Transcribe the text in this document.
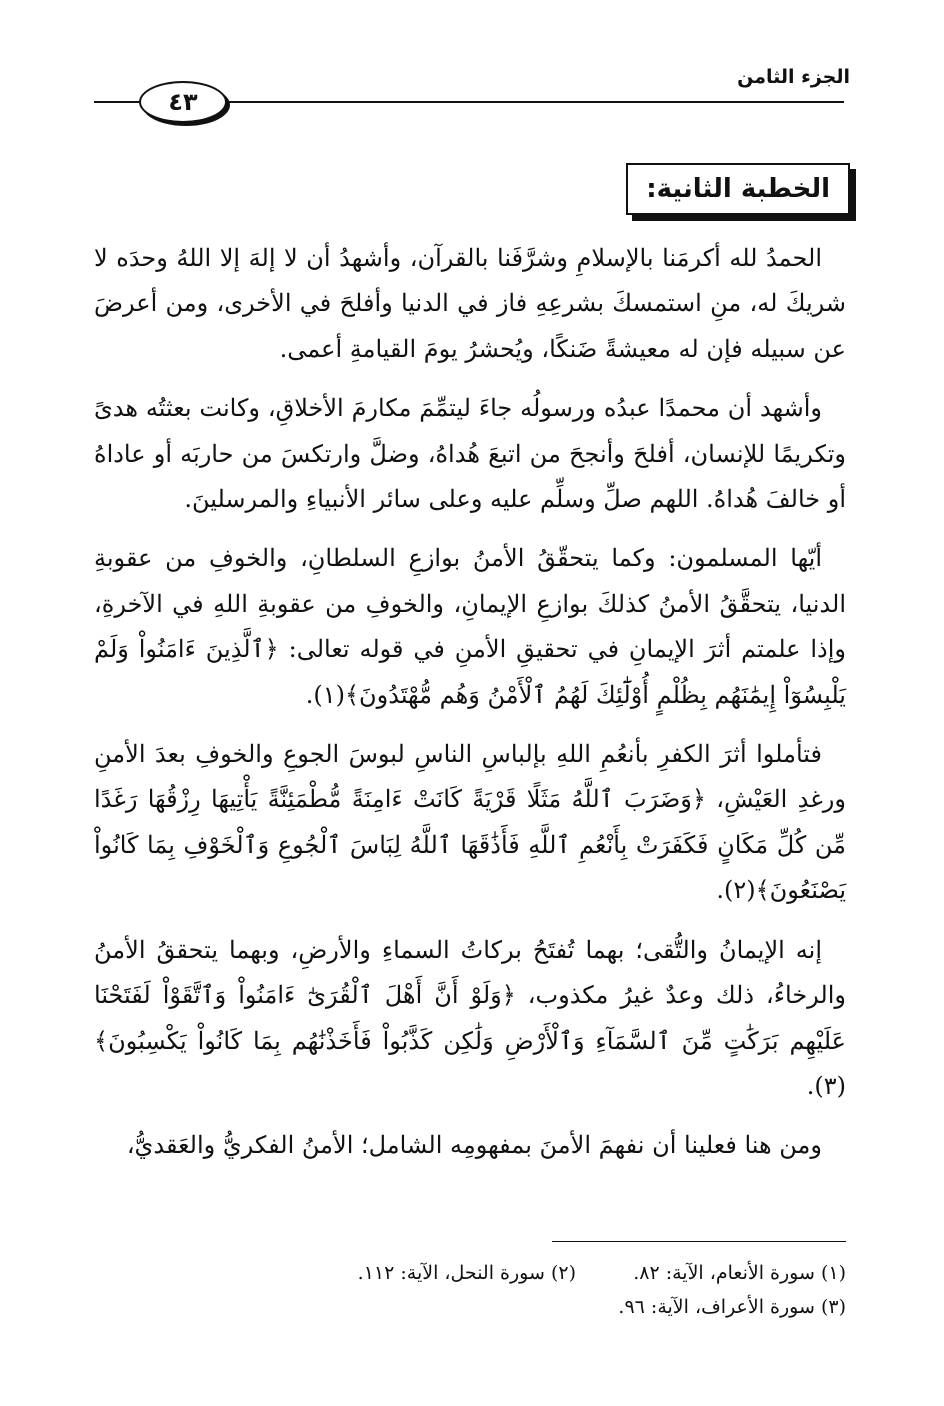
الجزء الثامن
٤٣
الخطبة الثانية:

الحمدُ لله أكرمَنا بالإسلامِ وشرَّفَنا بالقرآن، وأشهدُ أن لا إلهَ إلا اللهُ وحدَه لا شريكَ له، منِ استمسكَ بشرعِهِ فاز في الدنيا وأفلحَ في الأخرى، ومن أعرضَ عن سبيله فإن له معيشةً ضَنكًا، ويُحشرُ يومَ القيامةِ أعمى.

وأشهد أن محمدًا عبدُه ورسولُه جاءَ ليتمِّمَ مكارمَ الأخلاقِ، وكانت بعثتُه هدىً وتكريمًا للإنسان، أفلحَ وأنجحَ من اتبعَ هُداهُ، وضلَّ وارتكسَ من حاربَه أو عاداهُ أو خالفَ هُداهُ. اللهم صلِّ وسلِّم عليه وعلى سائر الأنبياءِ والمرسلينَ.

أيّها المسلمون: وكما يتحقّقُ الأمنُ بوازعِ السلطانِ، والخوفِ من عقوبةِ الدنيا، يتحقَّقُ الأمنُ كذلكَ بوازعِ الإيمانِ، والخوفِ من عقوبةِ اللهِ في الآخرةِ، وإذا علمتم أثرَ الإيمانِ في تحقيقِ الأمنِ في قوله تعالى: ﴿ٱلَّذِينَ ءَامَنُواْ وَلَمْ يَلْبِسُوٓاْ إِيمَٰنَهُم بِظُلْمٍ أُوْلَٰٓئِكَ لَهُمُ ٱلْأَمْنُ وَهُم مُّهْتَدُونَ﴾(١).

فتأملوا أثرَ الكفرِ بأنعُمِ اللهِ بإلباسِ الناسِ لبوسَ الجوعِ والخوفِ بعدَ الأمنِ ورغدِ العَيْشِ، ﴿وَضَرَبَ ٱللَّهُ مَثَلًا قَرْيَةً كَانَتْ ءَامِنَةً مُّطْمَئِنَّةً يَأْتِيهَا رِزْقُهَا رَغَدًا مِّن كُلِّ مَكَانٍ فَكَفَرَتْ بِأَنْعُمِ ٱللَّهِ فَأَذَٰقَهَا ٱللَّهُ لِبَاسَ ٱلْجُوعِ وَٱلْخَوْفِ بِمَا كَانُواْ يَصْنَعُونَ﴾(٢).

إنه الإيمانُ والتُّقى؛ بهما تُفتَحُ بركاتُ السماءِ والأرضِ، وبهما يتحققُ الأمنُ والرخاءُ، ذلك وعدٌ غيرُ مكذوب، ﴿وَلَوْ أَنَّ أَهْلَ ٱلْقُرَىٰٓ ءَامَنُواْ وَٱتَّقَوْاْ لَفَتَحْنَا عَلَيْهِم بَرَكَٰتٍ مِّنَ ٱلسَّمَآءِ وَٱلْأَرْضِ وَلَٰكِن كَذَّبُواْ فَأَخَذْنَٰهُم بِمَا كَانُواْ يَكْسِبُونَ﴾(٣).

ومن هنا فعلينا أن نفهمَ الأمنَ بمفهومِه الشامل؛ الأمنُ الفكريُّ والعَقديُّ،

(١) سورة الأنعام، الآية: ٨٢.
(٢) سورة النحل، الآية: ١١٢.
(٣) سورة الأعراف، الآية: ٩٦.
